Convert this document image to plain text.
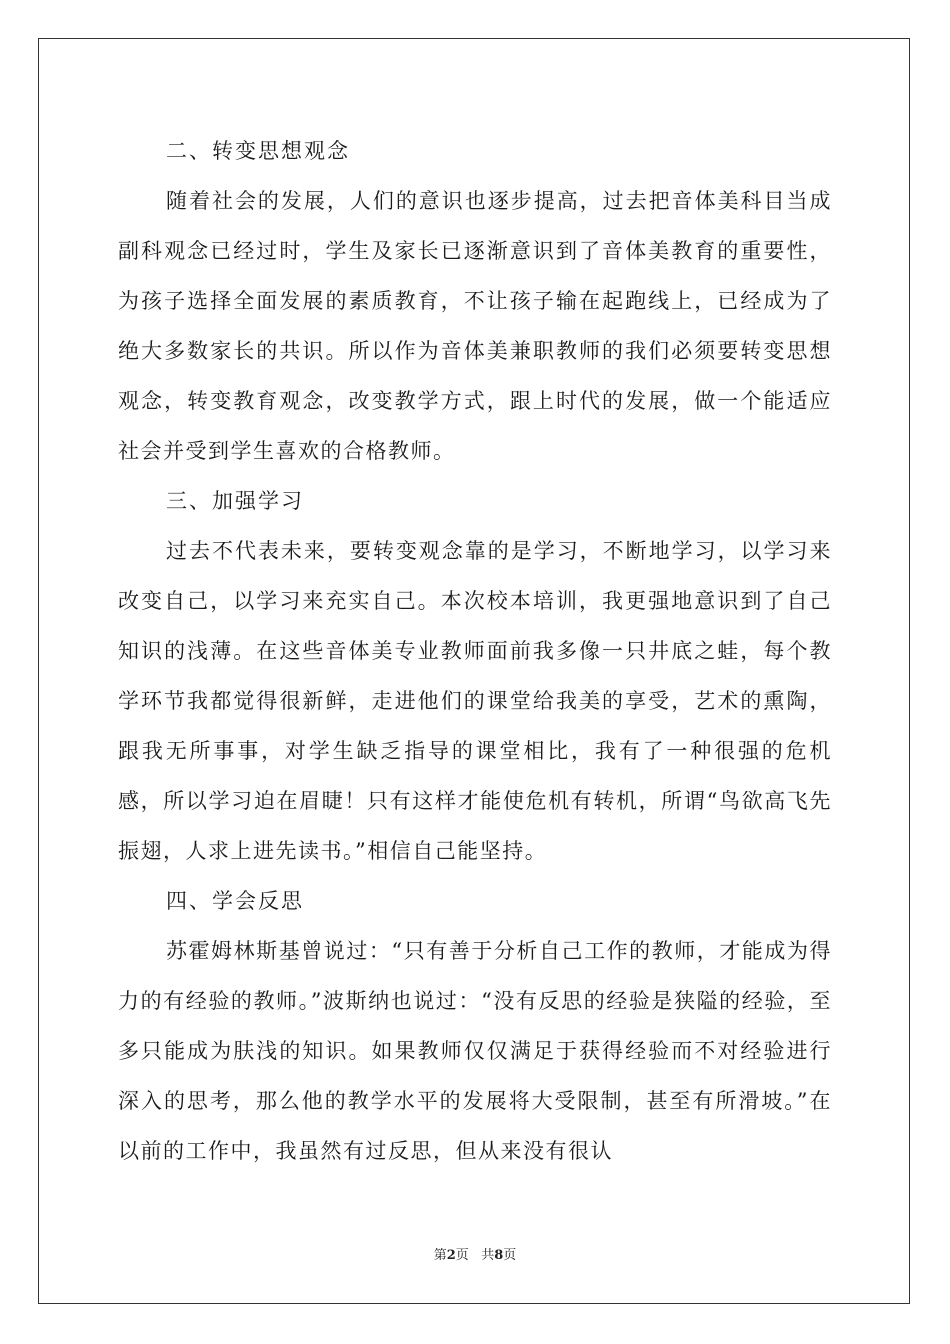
二、转变思想观念

随着社会的发展，人们的意识也逐步提高，过去把音体美科目当成副科观念已经过时，学生及家长已逐渐意识到了音体美教育的重要性，为孩子选择全面发展的素质教育，不让孩子输在起跑线上，已经成为了绝大多数家长的共识。所以作为音体美兼职教师的我们必须要转变思想观念，转变教育观念，改变教学方式，跟上时代的发展，做一个能适应社会并受到学生喜欢的合格教师。

三、加强学习

过去不代表未来，要转变观念靠的是学习，不断地学习，以学习来改变自己，以学习来充实自己。本次校本培训，我更强地意识到了自己知识的浅薄。在这些音体美专业教师面前我多像一只井底之蛙，每个教学环节我都觉得很新鲜，走进他们的课堂给我美的享受，艺术的熏陶，跟我无所事事，对学生缺乏指导的课堂相比，我有了一种很强的危机感，所以学习迫在眉睫！只有这样才能使危机有转机，所谓“鸟欲高飞先振翅，人求上进先读书。”相信自己能坚持。

四、学会反思

苏霍姆林斯基曾说过：“只有善于分析自己工作的教师，才能成为得力的有经验的教师。”波斯纳也说过：“没有反思的经验是狭隘的经验，至多只能成为肤浅的知识。如果教师仅仅满足于获得经验而不对经验进行深入的思考，那么他的教学水平的发展将大受限制，甚至有所滑坡。”在以前的工作中，我虽然有过反思，但从来没有很认

第2页 共8页
